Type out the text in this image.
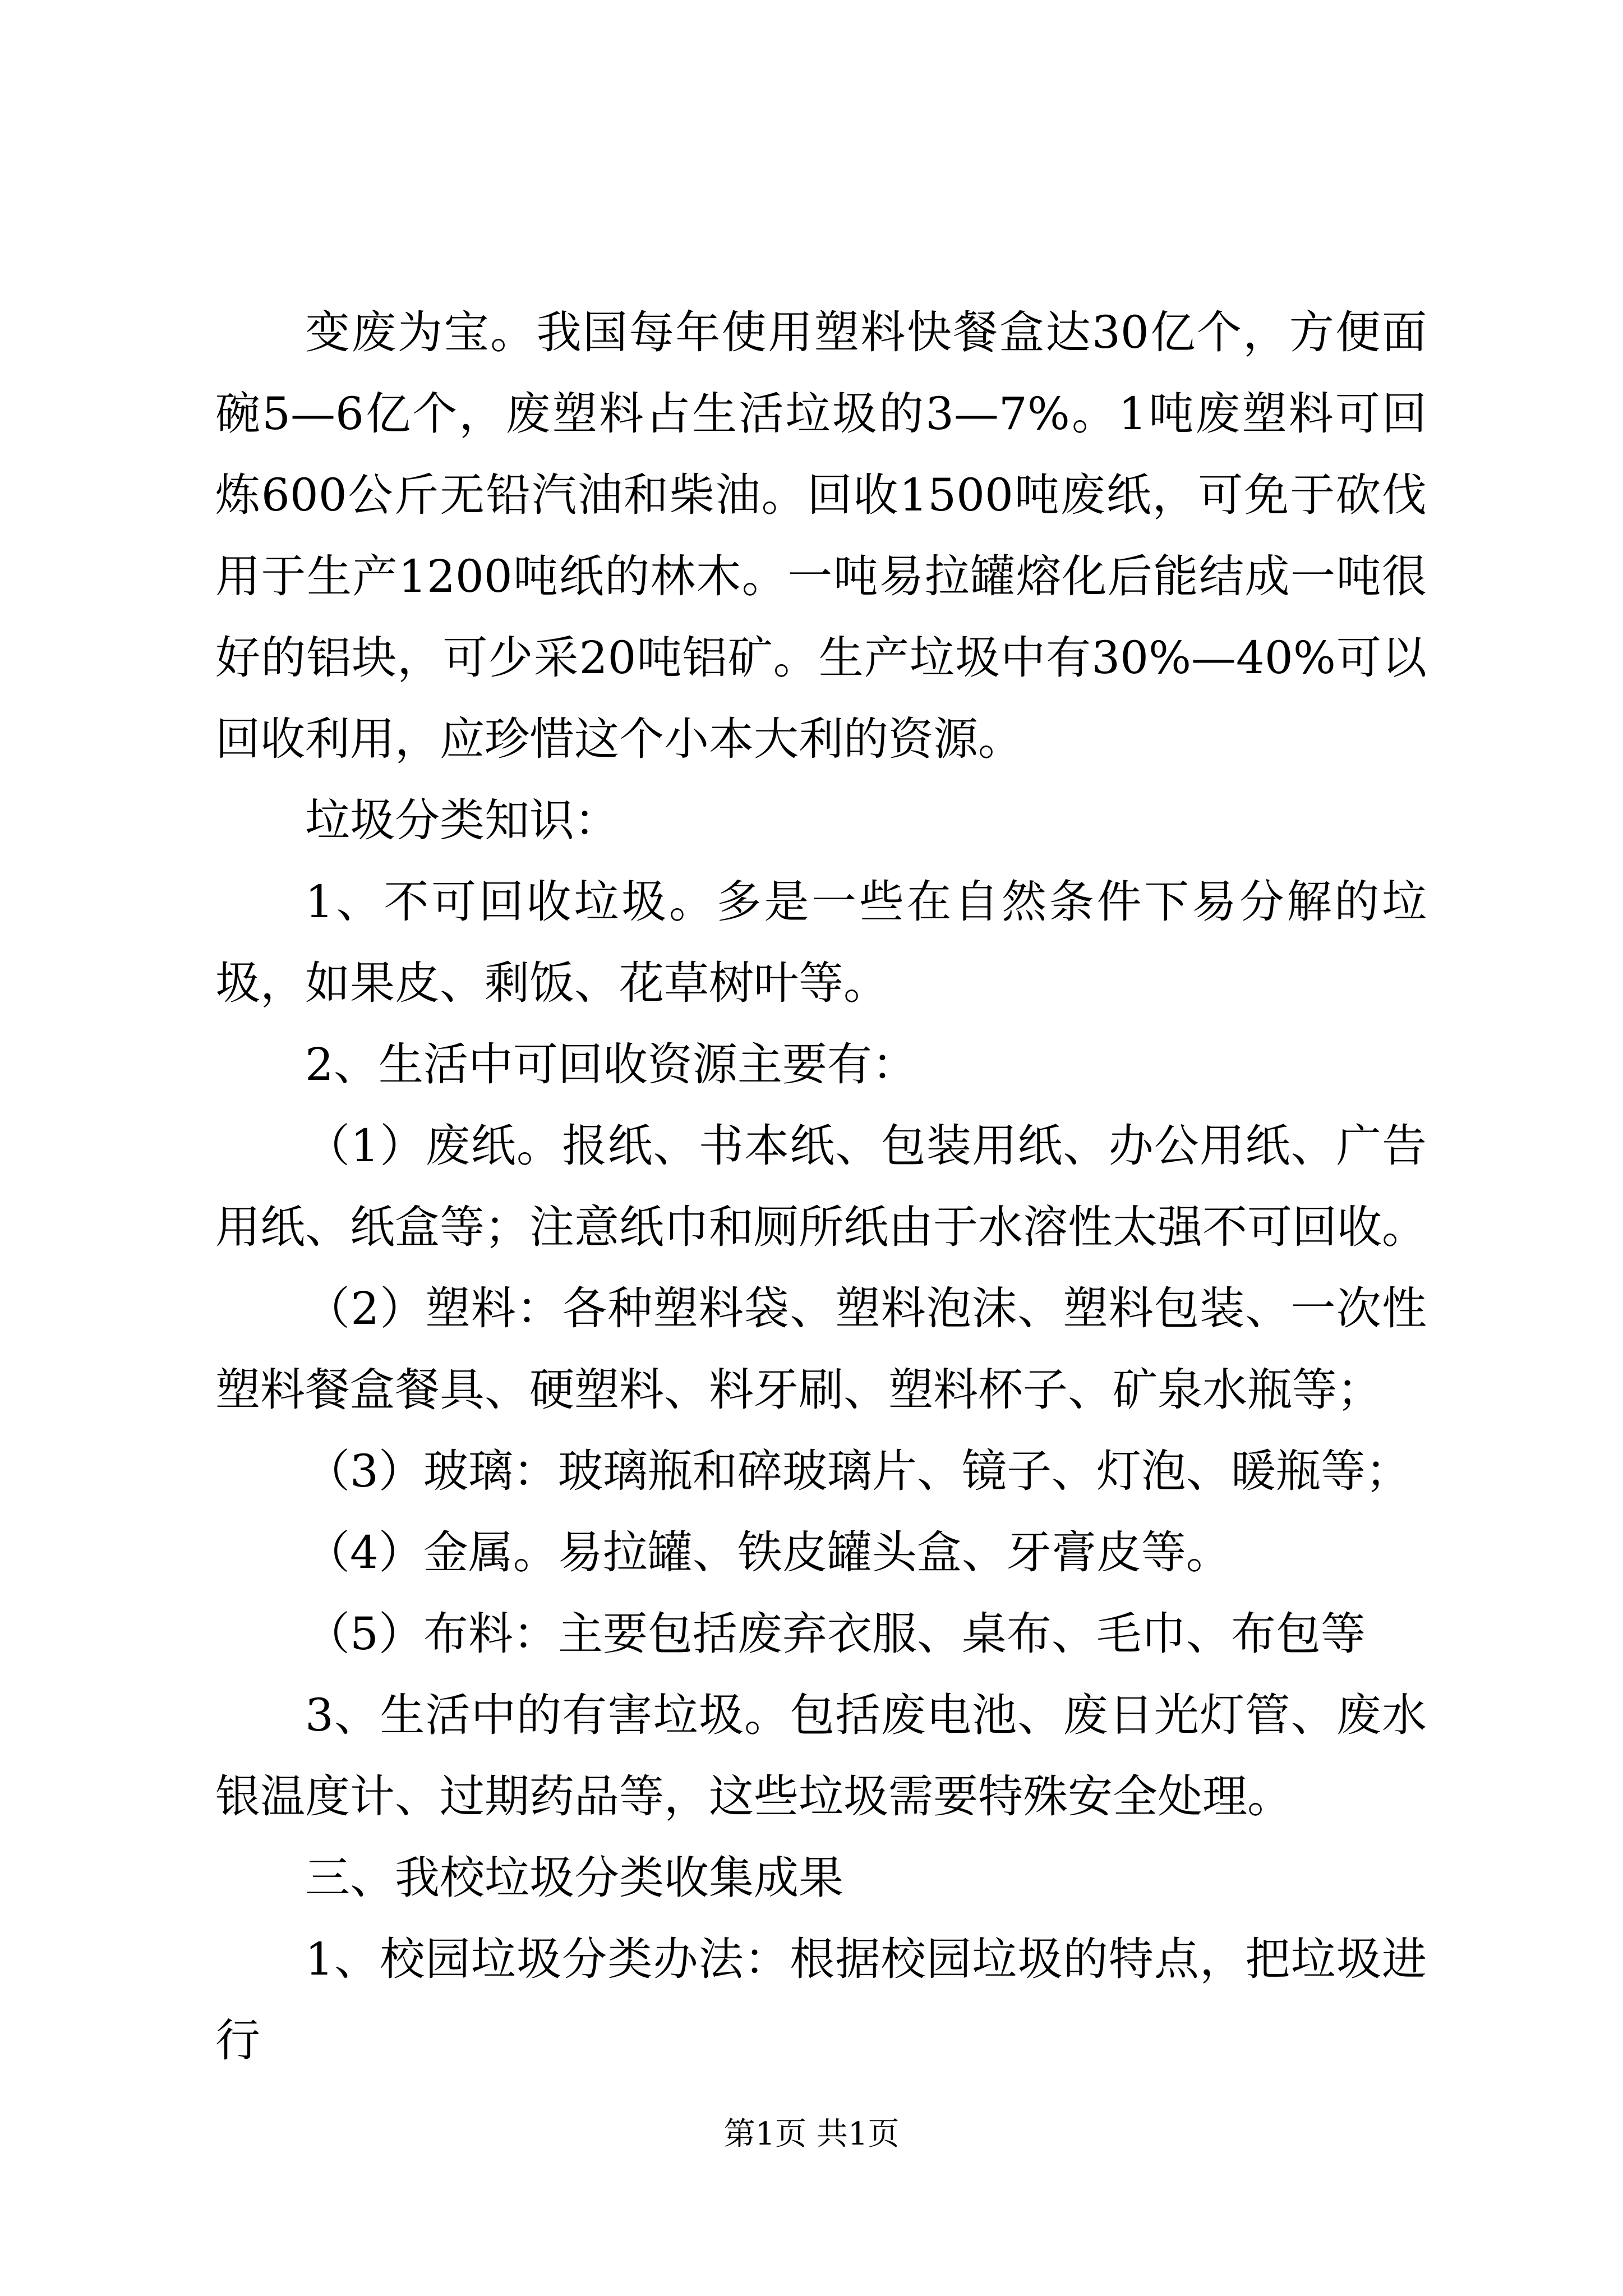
变废为宝。我国每年使用塑料快餐盒达30亿个，方便面碗5—6亿个，废塑料占生活垃圾的3—7%。1吨废塑料可回炼600公斤无铅汽油和柴油。回收1500吨废纸，可免于砍伐用于生产1200吨纸的林木。一吨易拉罐熔化后能结成一吨很好的铝块，可少采20吨铝矿。生产垃圾中有30%—40%可以回收利用，应珍惜这个小本大利的资源。

垃圾分类知识：

1、不可回收垃圾。多是一些在自然条件下易分解的垃圾，如果皮、剩饭、花草树叶等。

2、生活中可回收资源主要有：

（1）废纸。报纸、书本纸、包装用纸、办公用纸、广告用纸、纸盒等；注意纸巾和厕所纸由于水溶性太强不可回收。

（2）塑料：各种塑料袋、塑料泡沫、塑料包装、一次性塑料餐盒餐具、硬塑料、料牙刷、塑料杯子、矿泉水瓶等；

（3）玻璃：玻璃瓶和碎玻璃片、镜子、灯泡、暖瓶等；

（4）金属。易拉罐、铁皮罐头盒、牙膏皮等。

（5）布料：主要包括废弃衣服、桌布、毛巾、布包等

3、生活中的有害垃圾。包括废电池、废日光灯管、废水银温度计、过期药品等，这些垃圾需要特殊安全处理。

三、我校垃圾分类收集成果

1、校园垃圾分类办法：根据校园垃圾的特点，把垃圾进行

第1页 共1页
